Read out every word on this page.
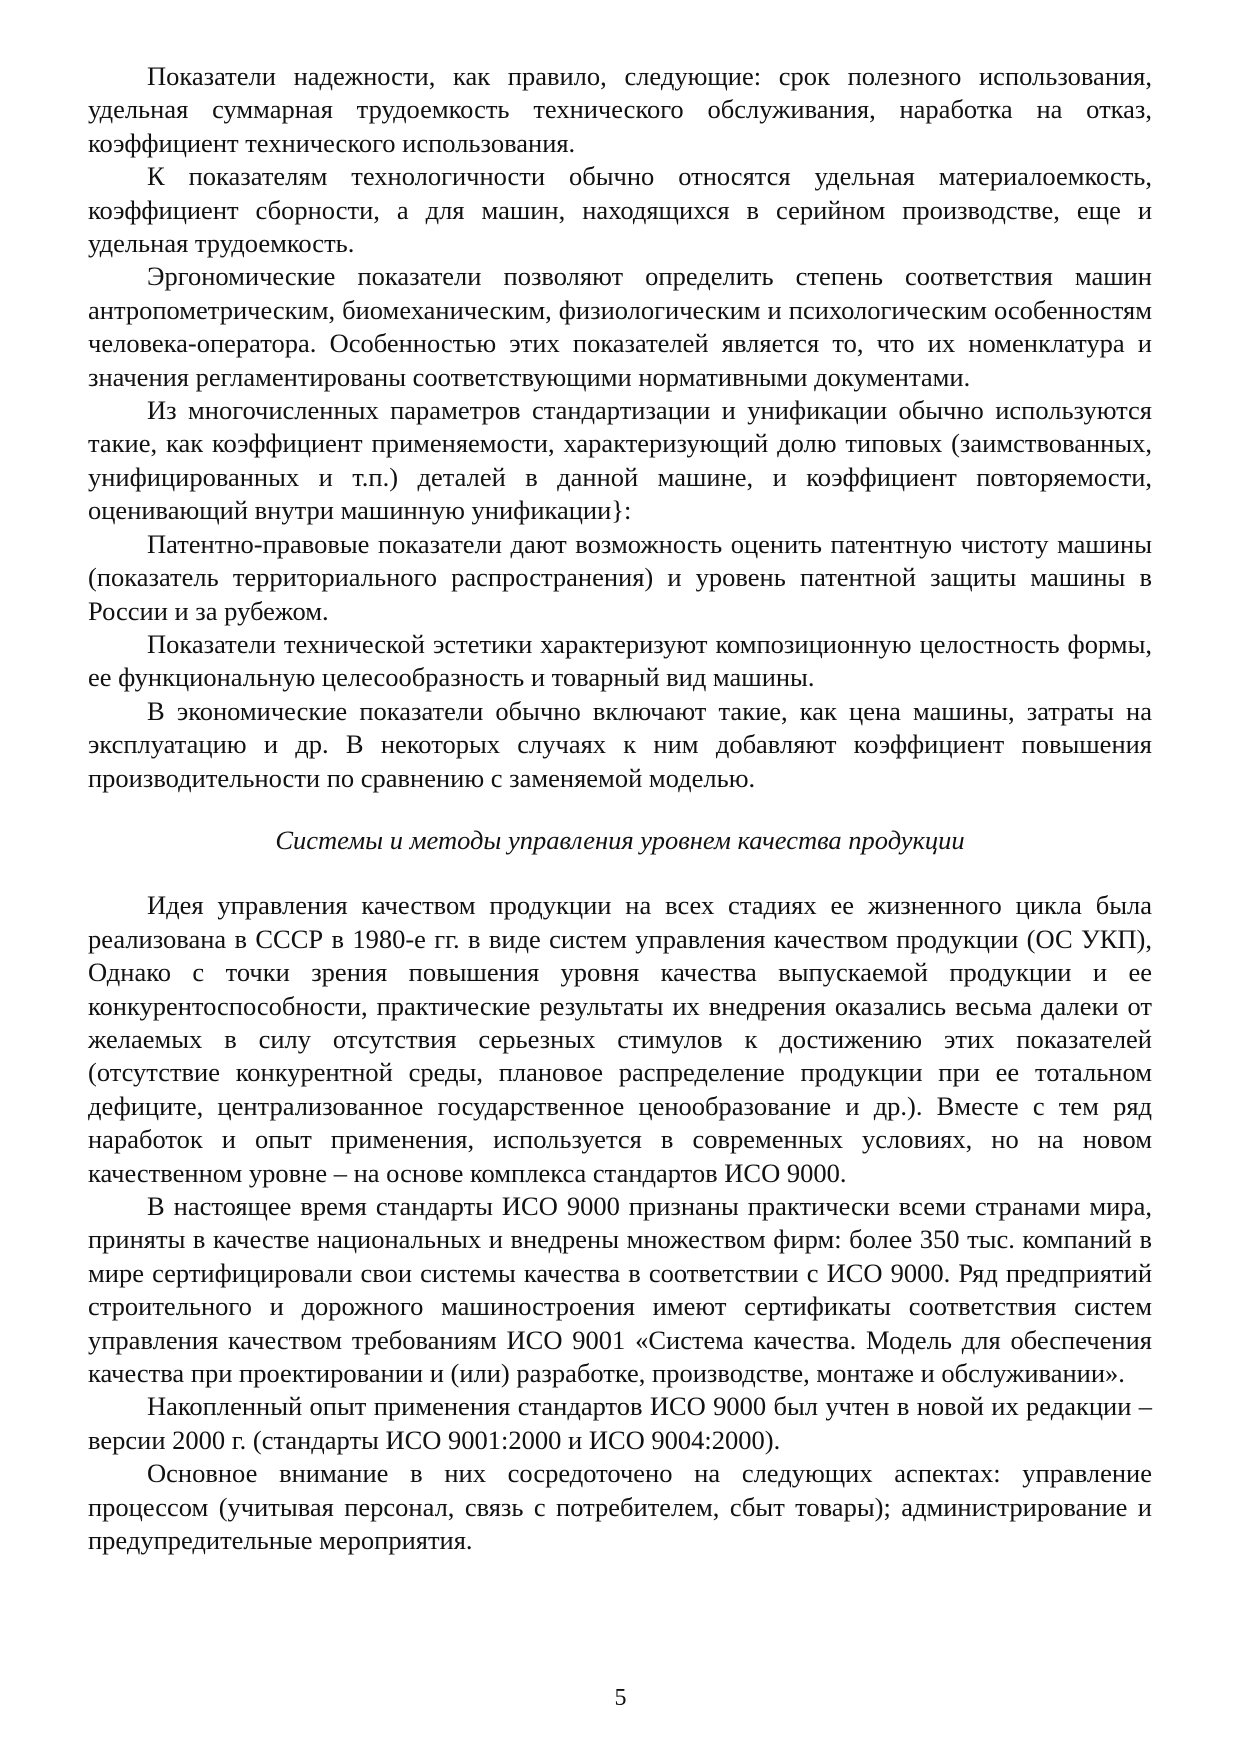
Показатели надежности, как правило, следующие: срок полезного использования, удельная суммарная трудоемкость технического обслуживания, наработка на отказ, коэффициент технического использования.

К показателям технологичности обычно относятся удельная материалоемкость, коэффициент сборности, а для машин, находящихся в серийном производстве, еще и удельная трудоемкость.

Эргономические показатели позволяют определить степень соответствия машин антропометрическим, биомеханическим, физиологическим и психологическим особенностям человека-оператора. Особенностью этих показателей является то, что их номенклатура и значения регламентированы соответствующими нормативными документами.

Из многочисленных параметров стандартизации и унификации обычно используются такие, как коэффициент применяемости, характеризующий долю типовых (заимствованных, унифицированных и т.п.) деталей в данной машине, и коэффициент повторяемости, оценивающий внутри машинную унификации}:

Патентно-правовые показатели дают возможность оценить патентную чистоту машины (показатель территориального распространения) и уровень патентной защиты машины в России и за рубежом.

Показатели технической эстетики характеризуют композиционную целостность формы, ее функциональную целесообразность и товарный вид машины.

В экономические показатели обычно включают такие, как цена машины, затраты на эксплуатацию и др. В некоторых случаях к ним добавляют коэффициент повышения производительности по сравнению с заменяемой моделью.

Системы и методы управления уровнем качества продукции

Идея управления качеством продукции на всех стадиях ее жизненного цикла была реализована в СССР в 1980-е гг. в виде систем управления качеством продукции (ОС УКП), Однако с точки зрения повышения уровня качества выпускаемой продукции и ее конкурентоспособности, практические результаты их внедрения оказались весьма далеки от желаемых в силу отсутствия серьезных стимулов к достижению этих показателей (отсутствие конкурентной среды, плановое распределение продукции при ее тотальном дефиците, централизованное государственное ценообразование и др.). Вместе с тем ряд наработок и опыт применения, используется в современных условиях, но на новом качественном уровне – на основе комплекса стандартов ИСО 9000.

В настоящее время стандарты ИСО 9000 признаны практически всеми странами мира, приняты в качестве национальных и внедрены множеством фирм: более 350 тыс. компаний в мире сертифицировали свои системы качества в соответствии с ИСО 9000. Ряд предприятий строительного и дорожного машиностроения имеют сертификаты соответствия систем управления качеством требованиям ИСО 9001 «Система качества. Модель для обеспечения качества при проектировании и (или) разработке, производстве, монтаже и обслуживании».

Накопленный опыт применения стандартов ИСО 9000 был учтен в новой их редакции – версии 2000 г. (стандарты ИСО 9001:2000 и ИСО 9004:2000).

Основное внимание в них сосредоточено на следующих аспектах: управление процессом (учитывая персонал, связь с потребителем, сбыт товары); администрирование и предупредительные мероприятия.

5
